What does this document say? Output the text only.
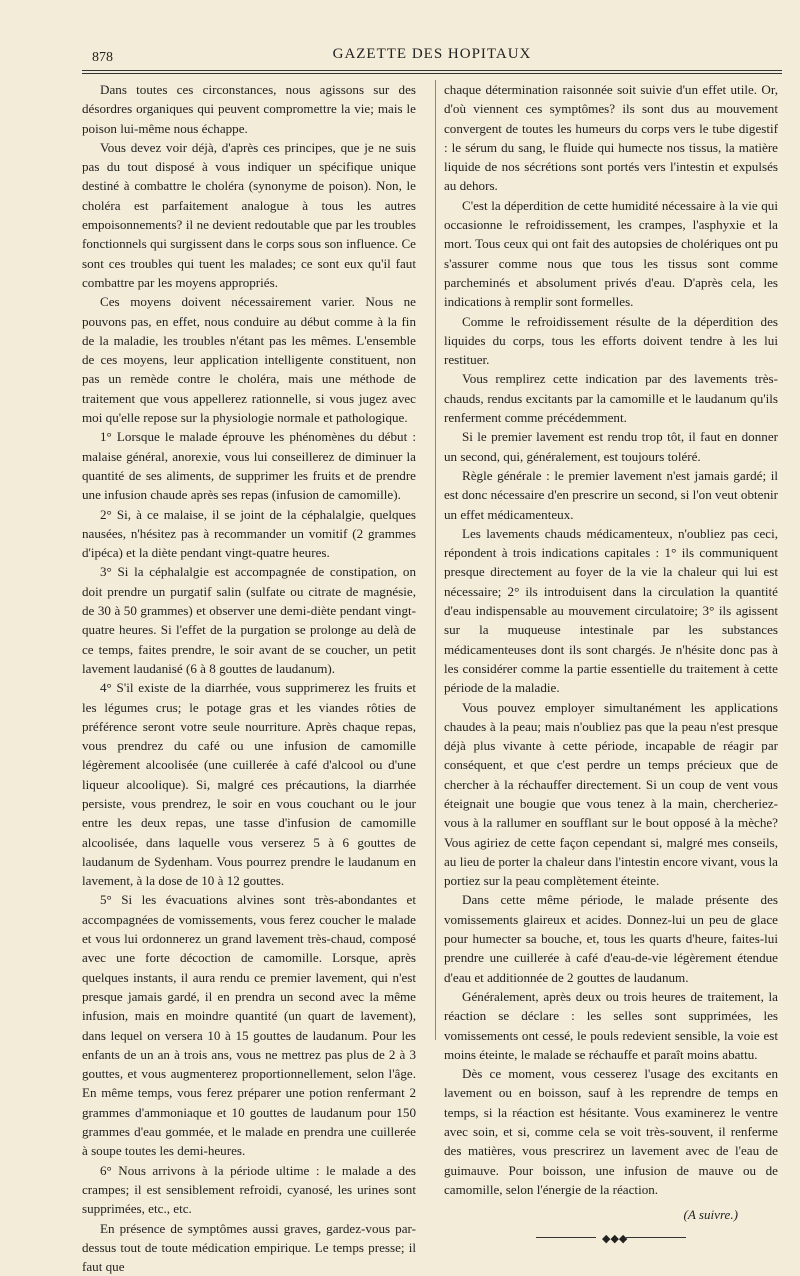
878	GAZETTE DES HOPITAUX

Dans toutes ces circonstances, nous agissons sur des désordres organiques qui peuvent compromettre la vie; mais le poison lui-même nous échappe.

Vous devez voir déjà, d'après ces principes, que je ne suis pas du tout disposé à vous indiquer un spécifique unique destiné à combattre le choléra (synonyme de poison). Non, le choléra est parfaitement analogue à tous les autres empoisonnements? il ne devient redoutable que par les troubles fonctionnels qui surgissent dans le corps sous son influence. Ce sont ces troubles qui tuent les malades; ce sont eux qu'il faut combattre par les moyens appropriés.

Ces moyens doivent nécessairement varier. Nous ne pouvons pas, en effet, nous conduire au début comme à la fin de la maladie, les troubles n'étant pas les mêmes. L'ensemble de ces moyens, leur application intelligente constituent, non pas un remède contre le choléra, mais une méthode de traitement que vous appellerez rationnelle, si vous jugez avec moi qu'elle repose sur la physiologie normale et pathologique.

1° Lorsque le malade éprouve les phénomènes du début : malaise général, anorexie, vous lui conseillerez de diminuer la quantité de ses aliments, de supprimer les fruits et de prendre une infusion chaude après ses repas (infusion de camomille).

2° Si, à ce malaise, il se joint de la céphalalgie, quelques nausées, n'hésitez pas à recommander un vomitif (2 grammes d'ipéca) et la diète pendant vingt-quatre heures.

3° Si la céphalalgie est accompagnée de constipation, on doit prendre un purgatif salin (sulfate ou citrate de magnésie, de 30 à 50 grammes) et observer une demi-diète pendant vingt-quatre heures. Si l'effet de la purgation se prolonge au delà de ce temps, faites prendre, le soir avant de se coucher, un petit lavement laudanisé (6 à 8 gouttes de laudanum).

4° S'il existe de la diarrhée, vous supprimerez les fruits et les légumes crus; le potage gras et les viandes rôties de préférence seront votre seule nourriture. Après chaque repas, vous prendrez du café ou une infusion de camomille légèrement alcoolisée (une cuillerée à café d'alcool ou d'une liqueur alcoolique). Si, malgré ces précautions, la diarrhée persiste, vous prendrez, le soir en vous couchant ou le jour entre les deux repas, une tasse d'infusion de camomille alcoolisée, dans laquelle vous verserez 5 à 6 gouttes de laudanum de Sydenham. Vous pourrez prendre le laudanum en lavement, à la dose de 10 à 12 gouttes.

5° Si les évacuations alvines sont très-abondantes et accompagnées de vomissements, vous ferez coucher le malade et vous lui ordonnerez un grand lavement très-chaud, composé avec une forte décoction de camomille. Lorsque, après quelques instants, il aura rendu ce premier lavement, qui n'est presque jamais gardé, il en prendra un second avec la même infusion, mais en moindre quantité (un quart de lavement), dans lequel on versera 10 à 15 gouttes de laudanum. Pour les enfants de un an à trois ans, vous ne mettrez pas plus de 2 à 3 gouttes, et vous augmenterez proportionnellement, selon l'âge. En même temps, vous ferez préparer une potion renfermant 2 grammes d'ammoniaque et 10 gouttes de laudanum pour 150 grammes d'eau gommée, et le malade en prendra une cuillerée à soupe toutes les demi-heures.

6° Nous arrivons à la période ultime : le malade a des crampes; il est sensiblement refroidi, cyanosé, les urines sont supprimées, etc., etc.

En présence de symptômes aussi graves, gardez-vous par-dessus tout de toute médication empirique. Le temps presse; il faut que

chaque détermination raisonnée soit suivie d'un effet utile. Or, d'où viennent ces symptômes? ils sont dus au mouvement convergent de toutes les humeurs du corps vers le tube digestif : le sérum du sang, le fluide qui humecte nos tissus, la matière liquide de nos sécrétions sont portés vers l'intestin et expulsés au dehors.

C'est la déperdition de cette humidité nécessaire à la vie qui occasionne le refroidissement, les crampes, l'asphyxie et la mort. Tous ceux qui ont fait des autopsies de cholériques ont pu s'assurer comme nous que tous les tissus sont comme parcheminés et absolument privés d'eau. D'après cela, les indications à remplir sont formelles.

Comme le refroidissement résulte de la déperdition des liquides du corps, tous les efforts doivent tendre à les lui restituer.

Vous remplirez cette indication par des lavements très-chauds, rendus excitants par la camomille et le laudanum qu'ils renferment comme précédemment.

Si le premier lavement est rendu trop tôt, il faut en donner un second, qui, généralement, est toujours toléré.

Règle générale : le premier lavement n'est jamais gardé; il est donc nécessaire d'en prescrire un second, si l'on veut obtenir un effet médicamenteux.

Les lavements chauds médicamenteux, n'oubliez pas ceci, répondent à trois indications capitales : 1° ils communiquent presque directement au foyer de la vie la chaleur qui lui est nécessaire; 2° ils introduisent dans la circulation la quantité d'eau indispensable au mouvement circulatoire; 3° ils agissent sur la muqueuse intestinale par les substances médicamenteuses dont ils sont chargés. Je n'hésite donc pas à les considérer comme la partie essentielle du traitement à cette période de la maladie.

Vous pouvez employer simultanément les applications chaudes à la peau; mais n'oubliez pas que la peau n'est presque déjà plus vivante à cette période, incapable de réagir par conséquent, et que c'est perdre un temps précieux que de chercher à la réchauffer directement. Si un coup de vent vous éteignait une bougie que vous tenez à la main, chercheriez-vous à la rallumer en soufflant sur le bout opposé à la mèche? Vous agiriez de cette façon cependant si, malgré mes conseils, au lieu de porter la chaleur dans l'intestin encore vivant, vous la portiez sur la peau complètement éteinte.

Dans cette même période, le malade présente des vomissements glaireux et acides. Donnez-lui un peu de glace pour humecter sa bouche, et, tous les quarts d'heure, faites-lui prendre une cuillerée à café d'eau-de-vie légèrement étendue d'eau et additionnée de 2 gouttes de laudanum.

Généralement, après deux ou trois heures de traitement, la réaction se déclare : les selles sont supprimées, les vomissements ont cessé, le pouls redevient sensible, la voie est moins éteinte, le malade se réchauffe et paraît moins abattu.

Dès ce moment, vous cesserez l'usage des excitants en lavement ou en boisson, sauf à les reprendre de temps en temps, si la réaction est hésitante. Vous examinerez le ventre avec soin, et si, comme cela se voit très-souvent, il renferme des matières, vous prescrirez un lavement avec de l'eau de guimauve. Pour boisson, une infusion de mauve ou de camomille, selon l'énergie de la réaction.

(A suivre.)

◆◆◆
